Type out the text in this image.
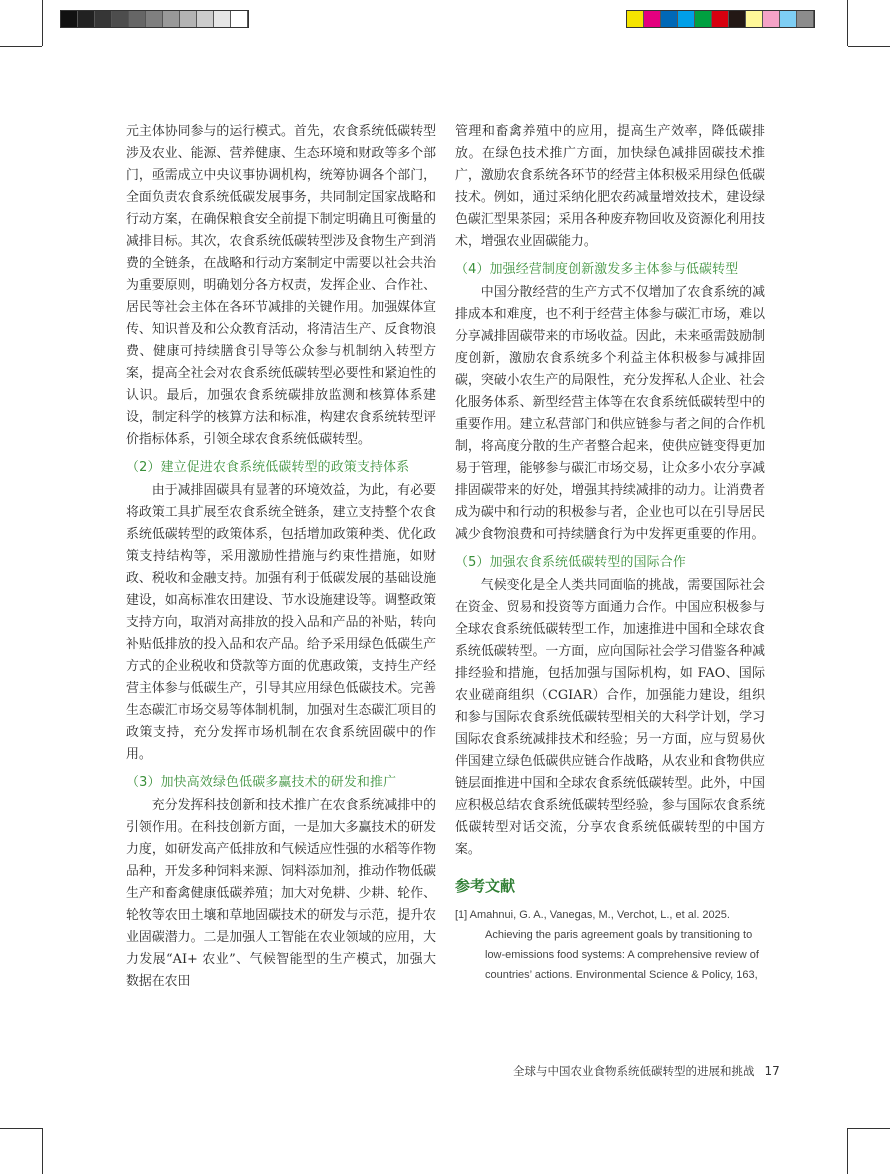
元主体协同参与的运行模式。首先，农食系统低碳转型涉及农业、能源、营养健康、生态环境和财政等多个部门，亟需成立中央议事协调机构，统筹协调各个部门，全面负责农食系统低碳发展事务，共同制定国家战略和行动方案，在确保粮食安全前提下制定明确且可衡量的减排目标。其次，农食系统低碳转型涉及食物生产到消费的全链条，在战略和行动方案制定中需要以社会共治为重要原则，明确划分各方权责，发挥企业、合作社、居民等社会主体在各环节减排的关键作用。加强媒体宣传、知识普及和公众教育活动，将清洁生产、反食物浪费、健康可持续膳食引导等公众参与机制纳入转型方案，提高全社会对农食系统低碳转型必要性和紧迫性的认识。最后，加强农食系统碳排放监测和核算体系建设，制定科学的核算方法和标准，构建农食系统转型评价指标体系，引领全球农食系统低碳转型。

（2）建立促进农食系统低碳转型的政策支持体系

由于减排固碳具有显著的环境效益，为此，有必要将政策工具扩展至农食系统全链条，建立支持整个农食系统低碳转型的政策体系，包括增加政策种类、优化政策支持结构等，采用激励性措施与约束性措施，如财政、税收和金融支持。加强有利于低碳发展的基础设施建设，如高标准农田建设、节水设施建设等。调整政策支持方向，取消对高排放的投入品和产品的补贴，转向补贴低排放的投入品和农产品。给予采用绿色低碳生产方式的企业税收和贷款等方面的优惠政策，支持生产经营主体参与低碳生产，引导其应用绿色低碳技术。完善生态碳汇市场交易等体制机制，加强对生态碳汇项目的政策支持，充分发挥市场机制在农食系统固碳中的作用。

（3）加快高效绿色低碳多赢技术的研发和推广

充分发挥科技创新和技术推广在农食系统减排中的引领作用。在科技创新方面，一是加大多赢技术的研发力度，如研发高产低排放和气候适应性强的水稻等作物品种，开发多种饲料来源、饲料添加剂，推动作物低碳生产和畜禽健康低碳养殖；加大对免耕、少耕、轮作、轮牧等农田土壤和草地固碳技术的研发与示范，提升农业固碳潜力。二是加强人工智能在农业领域的应用，大力发展“AI+ 农业”、气候智能型的生产模式，加强大数据在农田

管理和畜禽养殖中的应用，提高生产效率，降低碳排放。在绿色技术推广方面，加快绿色减排固碳技术推广，激励农食系统各环节的经营主体积极采用绿色低碳技术。例如，通过采纳化肥农药减量增效技术，建设绿色碳汇型果茶园；采用各种废弃物回收及资源化利用技术，增强农业固碳能力。

（4）加强经营制度创新激发多主体参与低碳转型

中国分散经营的生产方式不仅增加了农食系统的减排成本和难度，也不利于经营主体参与碳汇市场，难以分享减排固碳带来的市场收益。因此，未来亟需鼓励制度创新，激励农食系统多个利益主体积极参与减排固碳，突破小农生产的局限性，充分发挥私人企业、社会化服务体系、新型经营主体等在农食系统低碳转型中的重要作用。建立私营部门和供应链参与者之间的合作机制，将高度分散的生产者整合起来，使供应链变得更加易于管理，能够参与碳汇市场交易，让众多小农分享减排固碳带来的好处，增强其持续减排的动力。让消费者成为碳中和行动的积极参与者，企业也可以在引导居民减少食物浪费和可持续膳食行为中发挥更重要的作用。

（5）加强农食系统低碳转型的国际合作

气候变化是全人类共同面临的挑战，需要国际社会在资金、贸易和投资等方面通力合作。中国应积极参与全球农食系统低碳转型工作，加速推进中国和全球农食系统低碳转型。一方面，应向国际社会学习借鉴各种减排经验和措施，包括加强与国际机构，如 FAO、国际农业磋商组织（CGIAR）合作，加强能力建设，组织和参与国际农食系统低碳转型相关的大科学计划，学习国际农食系统减排技术和经验；另一方面，应与贸易伙伴国建立绿色低碳供应链合作战略，从农业和食物供应链层面推进中国和全球农食系统低碳转型。此外，中国应积极总结农食系统低碳转型经验，参与国际农食系统低碳转型对话交流，分享农食系统低碳转型的中国方案。

参考文献
[1] Amahnui, G. A., Vanegas, M., Verchot, L., et al. 2025. Achieving the paris agreement goals by transitioning to low-emissions food systems: A comprehensive review of countries’ actions. Environmental Science & Policy, 163,
全球与中国农业食物系统低碳转型的进展和挑战 17
